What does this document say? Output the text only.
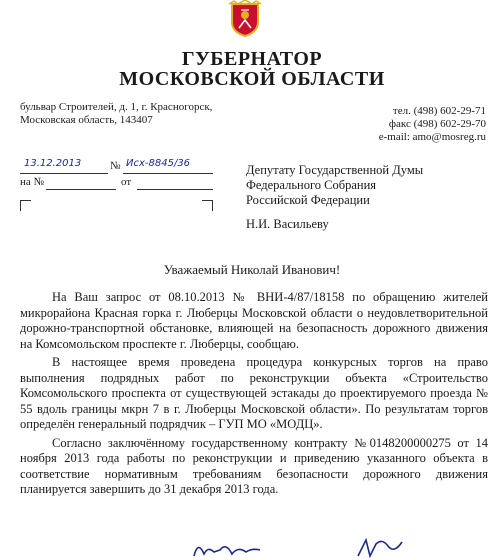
ГУБЕРНАТОР
МОСКОВСКОЙ ОБЛАСТИ
бульвар Строителей, д. 1, г. Красногорск,
Московская область, 143407
тел. (498) 602-29-71
факс (498) 602-29-70
e-mail: amo@mosreg.ru
13.12.2013	№ Исх-8845/36
на №	от
Депутату Государственной Думы
Федерального Собрания
Российской Федерации
Н.И. Васильеву
Уважаемый Николай Иванович!

На Ваш запрос от 08.10.2013 № ВНИ-4/87/18158 по обращению жителей микрорайона Красная горка г. Люберцы Московской области о неудовлетворительной дорожно-транспортной обстановке, влияющей на безопасность дорожного движения на Комсомольском проспекте г. Люберцы, сообщаю.

В настоящее время проведена процедура конкурсных торгов на право выполнения подрядных работ по реконструкции объекта «Строительство Комсомольского проспекта от существующей эстакады до проектируемого проезда № 55 вдоль границы мкрн 7 в г. Люберцы Московской области». По результатам торгов определён генеральный подрядчик – ГУП МО «МОДЦ».

Согласно заключённому государственному контракту №0148200000275 от 14 ноября 2013 года работы по реконструкции и приведению указанного объекта в соответствие нормативным требованиям безопасности дорожного движения планируется завершить до 31 декабря 2013 года.
